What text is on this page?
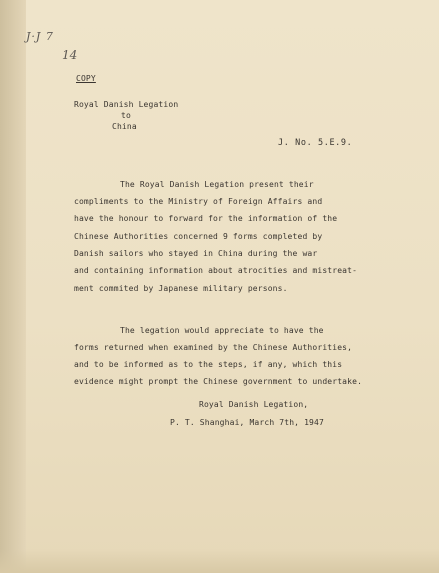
J·J 7
14
COPY
Royal Danish Legation
to
China
J. No. 5.E.9.
The Royal Danish Legation present their
compliments to the Ministry of Foreign Affairs and
have the honour to forward for the information of the
Chinese Authorities concerned 9 forms completed by
Danish sailors who stayed in China during the war
and containing information about atrocities and mistreat-
ment commited by Japanese military persons.
The legation would appreciate to have the
forms returned when examined by the Chinese Authorities,
and to be informed as to the steps, if any, which this
evidence might prompt the Chinese government to undertake.
Royal Danish Legation,
P. T. Shanghai, March 7th, 1947
